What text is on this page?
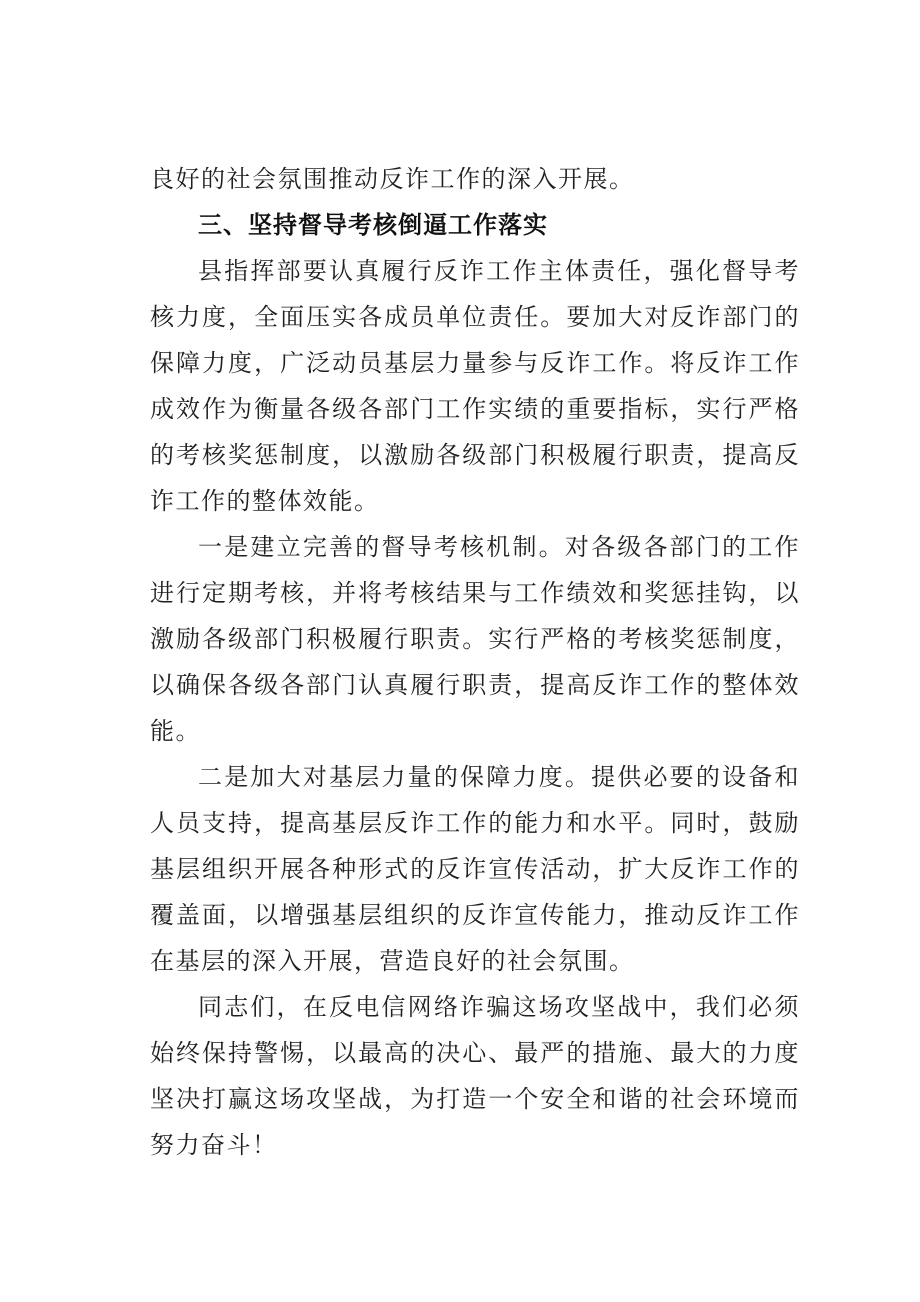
良好的社会氛围推动反诈工作的深入开展。

三、坚持督导考核倒逼工作落实

县指挥部要认真履行反诈工作主体责任，强化督导考核力度，全面压实各成员单位责任。要加大对反诈部门的保障力度，广泛动员基层力量参与反诈工作。将反诈工作成效作为衡量各级各部门工作实绩的重要指标，实行严格的考核奖惩制度，以激励各级部门积极履行职责，提高反诈工作的整体效能。

一是建立完善的督导考核机制。对各级各部门的工作进行定期考核，并将考核结果与工作绩效和奖惩挂钩，以激励各级部门积极履行职责。实行严格的考核奖惩制度，以确保各级各部门认真履行职责，提高反诈工作的整体效能。

二是加大对基层力量的保障力度。提供必要的设备和人员支持，提高基层反诈工作的能力和水平。同时，鼓励基层组织开展各种形式的反诈宣传活动，扩大反诈工作的覆盖面，以增强基层组织的反诈宣传能力，推动反诈工作在基层的深入开展，营造良好的社会氛围。

同志们，在反电信网络诈骗这场攻坚战中，我们必须始终保持警惕，以最高的决心、最严的措施、最大的力度坚决打赢这场攻坚战，为打造一个安全和谐的社会环境而努力奋斗！
